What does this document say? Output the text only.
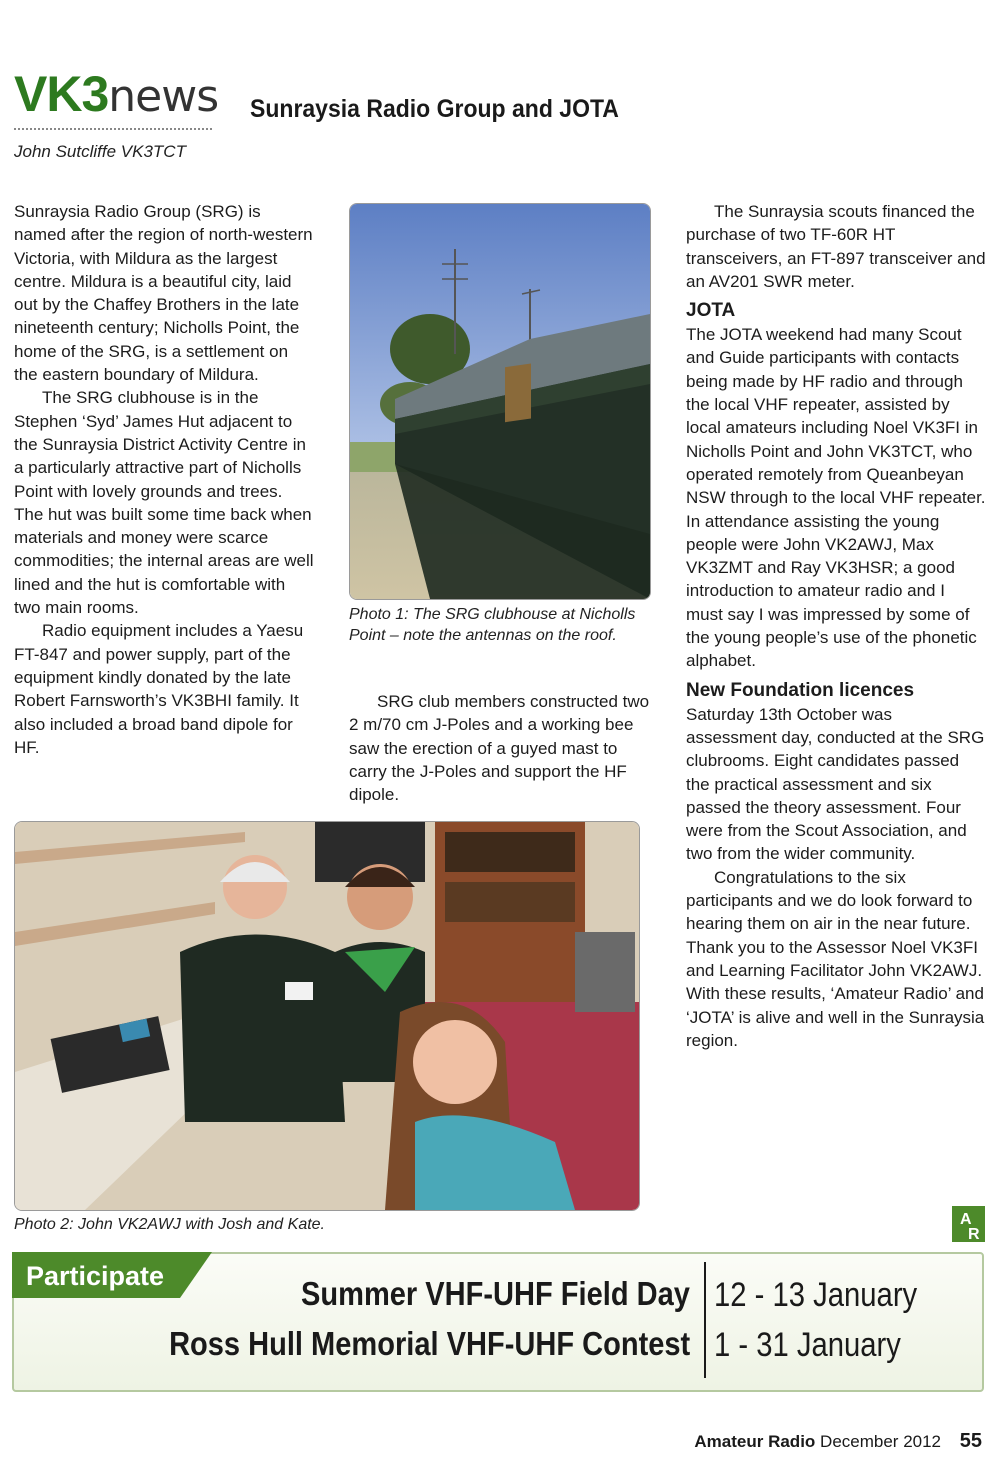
VK3news Sunraysia Radio Group and JOTA
John Sutcliffe VK3TCT

Sunraysia Radio Group (SRG) is named after the region of north-western Victoria, with Mildura as the largest centre. Mildura is a beautiful city, laid out by the Chaffey Brothers in the late nineteenth century; Nicholls Point, the home of the SRG, is a settlement on the eastern boundary of Mildura.

The SRG clubhouse is in the Stephen ‘Syd’ James Hut adjacent to the Sunraysia District Activity Centre in a particularly attractive part of Nicholls Point with lovely grounds and trees. The hut was built some time back when materials and money were scarce commodities; the internal areas are well lined and the hut is comfortable with two main rooms.

Radio equipment includes a Yaesu FT-847 and power supply, part of the equipment kindly donated by the late Robert Farnsworth’s VK3BHI family. It also included a broad band dipole for HF.

Photo 1: The SRG clubhouse at Nicholls Point – note the antennas on the roof.

SRG club members constructed two 2 m/70 cm J-Poles and a working bee saw the erection of a guyed mast to carry the J-Poles and support the HF dipole.

The Sunraysia scouts financed the purchase of two TF-60R HT transceivers, an FT-897 transceiver and an AV201 SWR meter.

JOTA

The JOTA weekend had many Scout and Guide participants with contacts being made by HF radio and through the local VHF repeater, assisted by local amateurs including Noel VK3FI in Nicholls Point and John VK3TCT, who operated remotely from Queanbeyan NSW through to the local VHF repeater. In attendance assisting the young people were John VK2AWJ, Max VK3ZMT and Ray VK3HSR; a good introduction to amateur radio and I must say I was impressed by some of the young people’s use of the phonetic alphabet.

New Foundation licences

Saturday 13th October was assessment day, conducted at the SRG clubrooms. Eight candidates passed the practical assessment and six passed the theory assessment. Four were from the Scout Association, and two from the wider community.

Congratulations to the six participants and we do look forward to hearing them on air in the near future. Thank you to the Assessor Noel VK3FI and Learning Facilitator John VK2AWJ.

With these results, ‘Amateur Radio’ and ‘JOTA’ is alive and well in the Sunraysia region.

Photo 2: John VK2AWJ with Josh and Kate.	A
R
Participate	Summer VHF-UHF Field Day
Ross Hull Memorial VHF-UHF Contest
12 - 13 January
1 - 31 January
Amateur Radio December 2012 55
